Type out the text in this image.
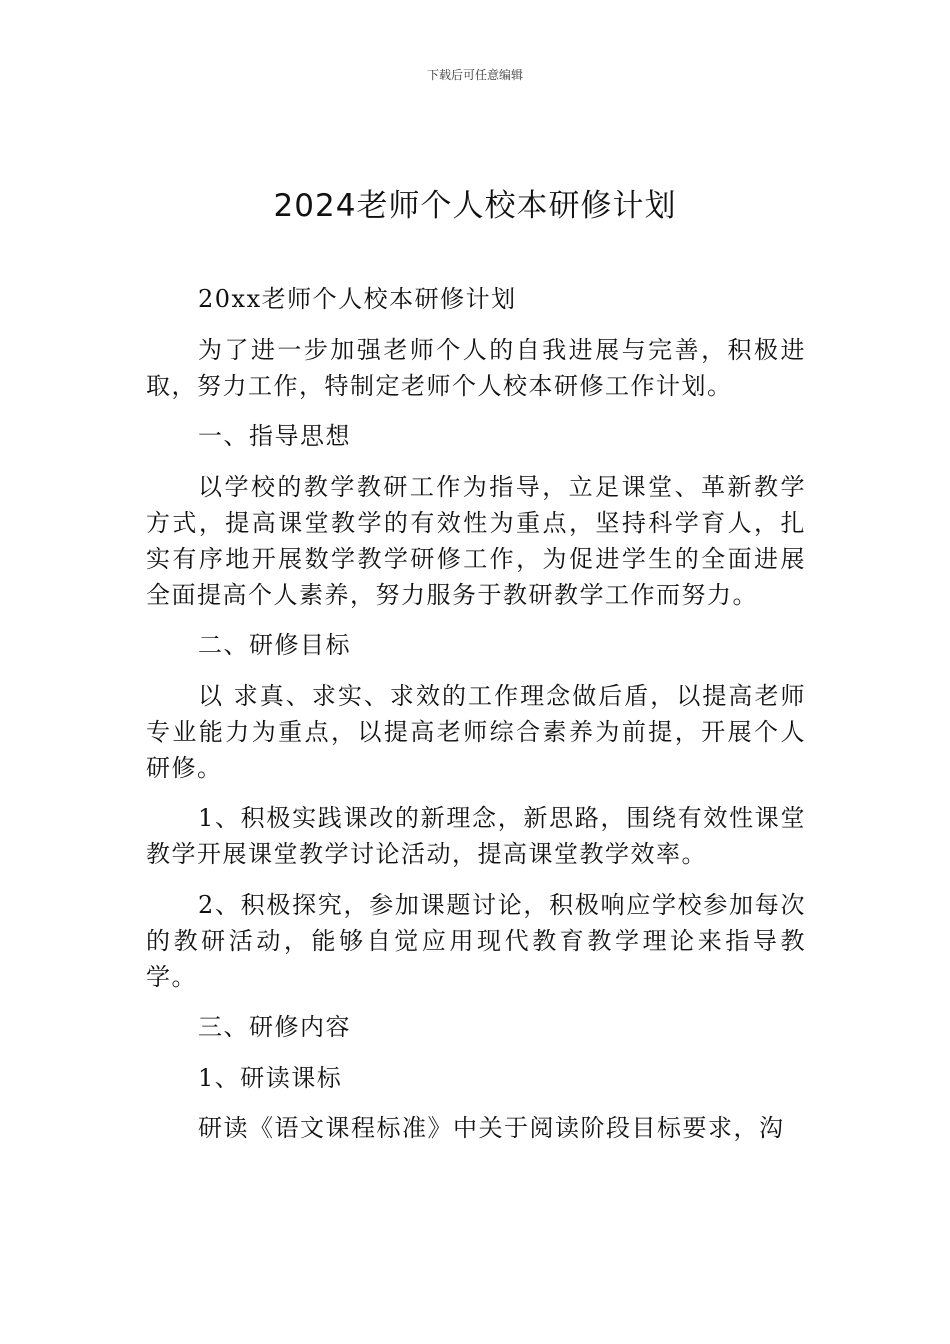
下载后可任意编辑
2024老师个人校本研修计划

20xx老师个人校本研修计划

为了进一步加强老师个人的自我进展与完善，积极进取，努力工作，特制定老师个人校本研修工作计划。

一、指导思想

以学校的教学教研工作为指导，立足课堂、革新教学方式，提高课堂教学的有效性为重点，坚持科学育人，扎实有序地开展数学教学研修工作，为促进学生的全面进展全面提高个人素养，努力服务于教研教学工作而努力。

二、研修目标

以 求真、求实、求效的工作理念做后盾，以提高老师专业能力为重点，以提高老师综合素养为前提，开展个人研修。

1、积极实践课改的新理念，新思路，围绕有效性课堂教学开展课堂教学讨论活动，提高课堂教学效率。

2、积极探究，参加课题讨论，积极响应学校参加每次的教研活动，能够自觉应用现代教育教学理论来指导教学。

三、研修内容

1、研读课标

研读《语文课程标准》中关于阅读阶段目标要求，沟
